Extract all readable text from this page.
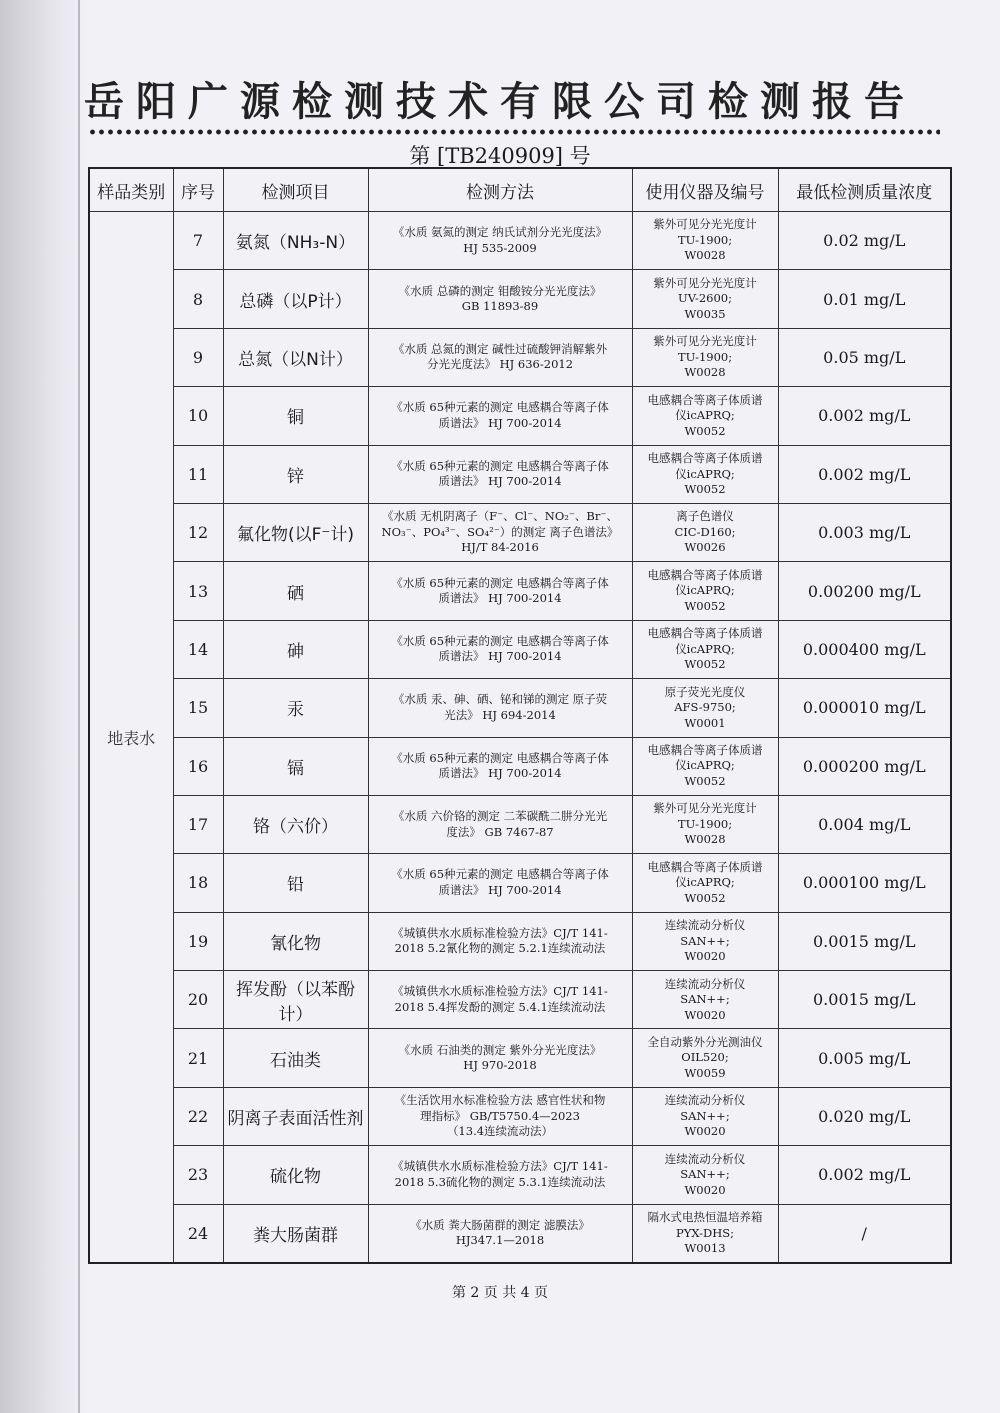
岳阳广源检测技术有限公司检测报告
第 [TB240909] 号
样品类别	序号	检测项目	检测方法	使用仪器及编号	最低检测质量浓度
地表水	7	氨氮（NH₃-N）	《水质 氨氮的测定 纳氏试剂分光光度法》
HJ 535-2009	紫外可见分光光度计
TU-1900;
W0028	0.02 mg/L
	8	总磷（以P计）	《水质 总磷的测定 钼酸铵分光光度法》
GB 11893-89	紫外可见分光光度计
UV-2600;
W0035	0.01 mg/L
	9	总氮（以N计）	《水质 总氮的测定 碱性过硫酸钾消解紫外
分光光度法》 HJ 636-2012	紫外可见分光光度计
TU-1900;
W0028	0.05 mg/L
	10	铜	《水质 65种元素的测定 电感耦合等离子体
质谱法》 HJ 700-2014	电感耦合等离子体质谱
仪icAPRQ;
W0052	0.002 mg/L
	11	锌	《水质 65种元素的测定 电感耦合等离子体
质谱法》 HJ 700-2014	电感耦合等离子体质谱
仪icAPRQ;
W0052	0.002 mg/L
	12	氟化物(以F⁻计)	《水质 无机阴离子（F⁻、Cl⁻、NO₂⁻、Br⁻、
NO₃⁻、PO₄³⁻、SO₄²⁻）的测定 离子色谱法》
HJ/T 84-2016	离子色谱仪
CIC-D160;
W0026	0.003 mg/L
	13	硒	《水质 65种元素的测定 电感耦合等离子体
质谱法》 HJ 700-2014	电感耦合等离子体质谱
仪icAPRQ;
W0052	0.00200 mg/L
	14	砷	《水质 65种元素的测定 电感耦合等离子体
质谱法》 HJ 700-2014	电感耦合等离子体质谱
仪icAPRQ;
W0052	0.000400 mg/L
	15	汞	《水质 汞、砷、硒、铋和锑的测定 原子荧
光法》 HJ 694-2014	原子荧光光度仪
AFS-9750;
W0001	0.000010 mg/L
	16	镉	《水质 65种元素的测定 电感耦合等离子体
质谱法》 HJ 700-2014	电感耦合等离子体质谱
仪icAPRQ;
W0052	0.000200 mg/L
	17	铬（六价）	《水质 六价铬的测定 二苯碳酰二肼分光光
度法》 GB 7467-87	紫外可见分光光度计
TU-1900;
W0028	0.004 mg/L
	18	铅	《水质 65种元素的测定 电感耦合等离子体
质谱法》 HJ 700-2014	电感耦合等离子体质谱
仪icAPRQ;
W0052	0.000100 mg/L
	19	氰化物	《城镇供水水质标准检验方法》CJ/T 141-
2018 5.2氰化物的测定 5.2.1连续流动法	连续流动分析仪
SAN++;
W0020	0.0015 mg/L
	20	挥发酚（以苯酚计）	《城镇供水水质标准检验方法》CJ/T 141-
2018 5.4挥发酚的测定 5.4.1连续流动法	连续流动分析仪
SAN++;
W0020	0.0015 mg/L
	21	石油类	《水质 石油类的测定 紫外分光光度法》
HJ 970-2018	全自动紫外分光测油仪
OIL520;
W0059	0.005 mg/L
	22	阴离子表面活性剂	《生活饮用水标准检验方法 感官性状和物
理指标》 GB/T5750.4—2023
（13.4连续流动法）	连续流动分析仪
SAN++;
W0020	0.020 mg/L
	23	硫化物	《城镇供水水质标准检验方法》CJ/T 141-
2018 5.3硫化物的测定 5.3.1连续流动法	连续流动分析仪
SAN++;
W0020	0.002 mg/L
	24	粪大肠菌群	《水质 粪大肠菌群的测定 滤膜法》
HJ347.1—2018	隔水式电热恒温培养箱
PYX-DHS;
W0013	/
第 2 页 共 4 页
